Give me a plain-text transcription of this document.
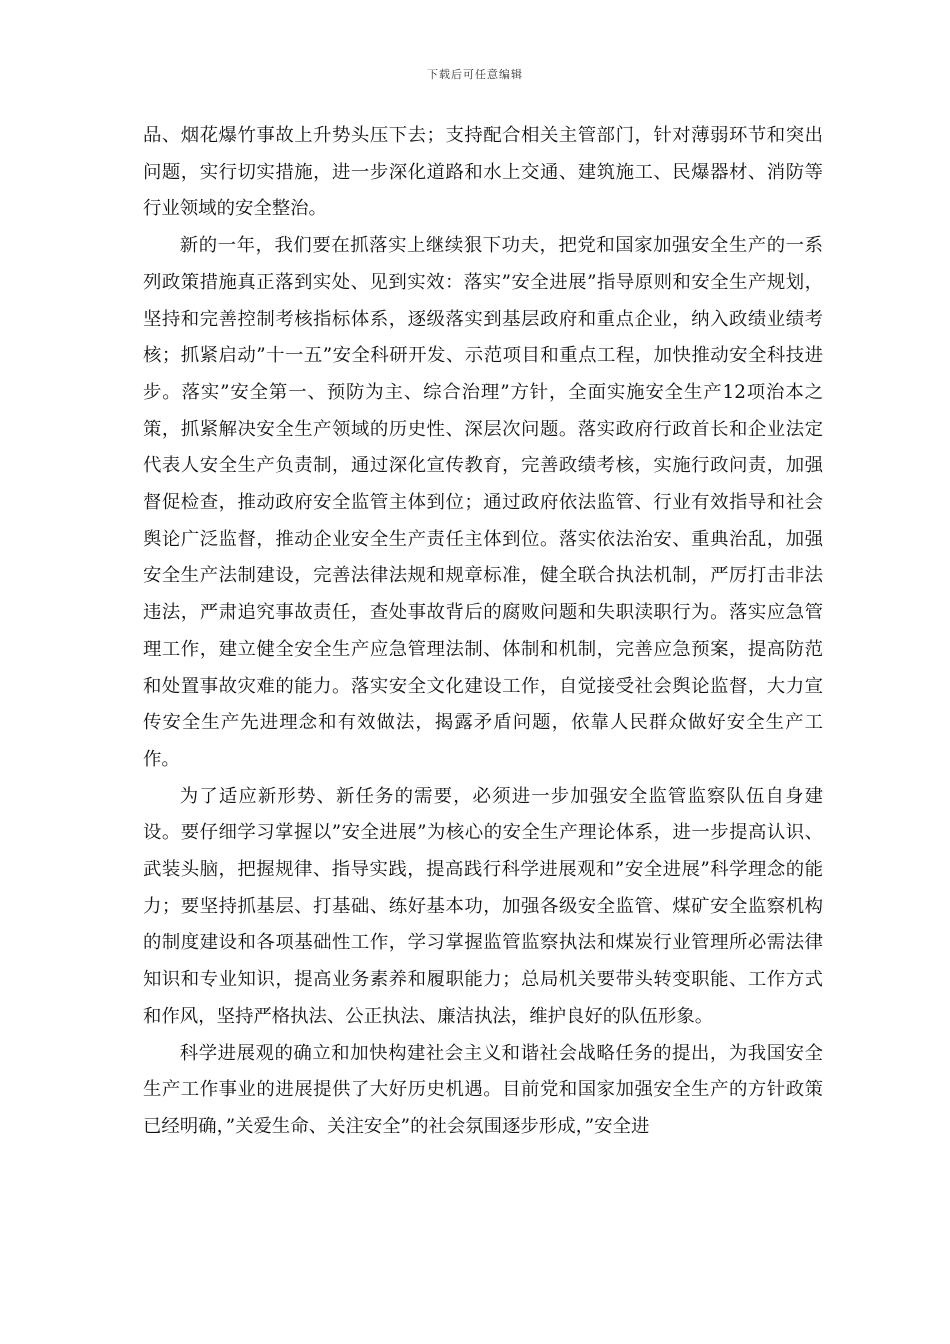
下载后可任意编辑

品、烟花爆竹事故上升势头压下去；支持配合相关主管部门，针对薄弱环节和突出问题，实行切实措施，进一步深化道路和水上交通、建筑施工、民爆器材、消防等行业领域的安全整治。

新的一年，我们要在抓落实上继续狠下功夫，把党和国家加强安全生产的一系列政策措施真正落到实处、见到实效：落实”安全进展”指导原则和安全生产规划，坚持和完善控制考核指标体系，逐级落实到基层政府和重点企业，纳入政绩业绩考核；抓紧启动”十一五”安全科研开发、示范项目和重点工程，加快推动安全科技进步。落实”安全第一、预防为主、综合治理”方针，全面实施安全生产12项治本之策，抓紧解决安全生产领域的历史性、深层次问题。落实政府行政首长和企业法定代表人安全生产负责制，通过深化宣传教育，完善政绩考核，实施行政问责，加强督促检查，推动政府安全监管主体到位；通过政府依法监管、行业有效指导和社会舆论广泛监督，推动企业安全生产责任主体到位。落实依法治安、重典治乱，加强安全生产法制建设，完善法律法规和规章标准，健全联合执法机制，严厉打击非法违法，严肃追究事故责任，查处事故背后的腐败问题和失职渎职行为。落实应急管理工作，建立健全安全生产应急管理法制、体制和机制，完善应急预案，提高防范和处置事故灾难的能力。落实安全文化建设工作，自觉接受社会舆论监督，大力宣传安全生产先进理念和有效做法，揭露矛盾问题，依靠人民群众做好安全生产工作。

为了适应新形势、新任务的需要，必须进一步加强安全监管监察队伍自身建设。要仔细学习掌握以”安全进展”为核心的安全生产理论体系，进一步提高认识、武装头脑，把握规律、指导实践，提高践行科学进展观和”安全进展”科学理念的能力；要坚持抓基层、打基础、练好基本功，加强各级安全监管、煤矿安全监察机构的制度建设和各项基础性工作，学习掌握监管监察执法和煤炭行业管理所必需法律知识和专业知识，提高业务素养和履职能力；总局机关要带头转变职能、工作方式和作风，坚持严格执法、公正执法、廉洁执法，维护良好的队伍形象。

科学进展观的确立和加快构建社会主义和谐社会战略任务的提出，为我国安全生产工作事业的进展提供了大好历史机遇。目前党和国家加强安全生产的方针政策已经明确，”关爱生命、关注安全”的社会氛围逐步形成，”安全进
